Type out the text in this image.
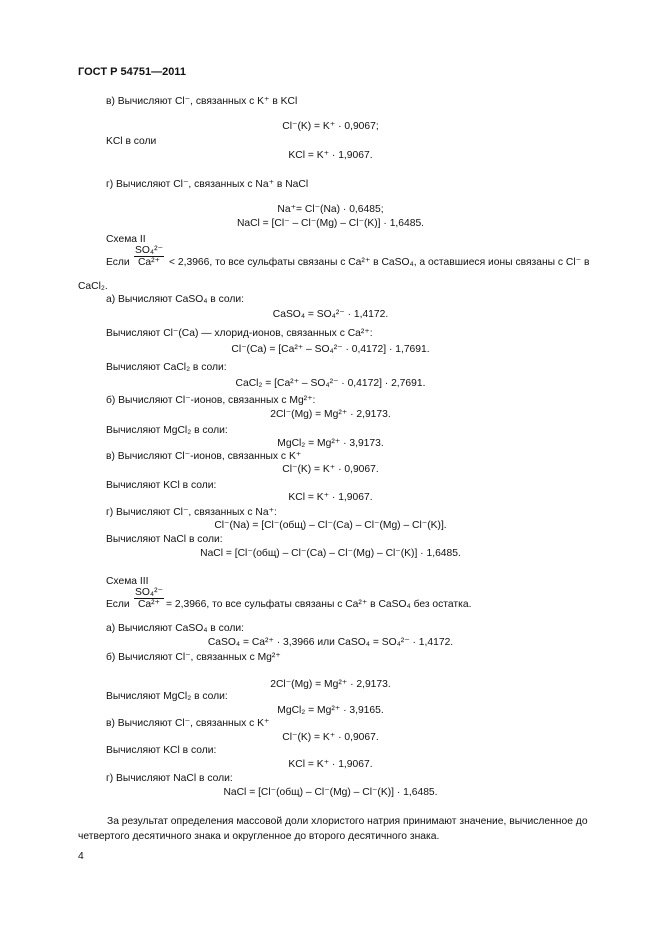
ГОСТ Р 54751—2011
в) Вычисляют Cl⁻, связанных с K⁺ в KCl
Cl⁻(K) = K⁺ · 0,9067;
KCl в соли
KCl = K⁺ · 1,9067.
г) Вычисляют Cl⁻, связанных с Na⁺ в NaCl
Na⁺= Cl⁻(Na) · 0,6485;
NaCl = [Cl⁻ – Cl⁻(Mg) – Cl⁻(K)] · 1,6485.
Схема II
Если $\frac{\text{SO₄²⁻}}{\text{Ca²⁺}} < 2,3966$, то все сульфаты связаны с Ca²⁺ в CaSO₄, а оставшиеся ионы связаны с Cl⁻ в
CaCl₂.
а) Вычисляют CaSO₄ в соли:
CaSO₄ = SO₄²⁻ · 1,4172.
Вычисляют Cl⁻(Ca) — хлорид-ионов, связанных с Ca²⁺:
Cl⁻(Ca) = [Ca²⁺ – SO₄²⁻ · 0,4172] · 1,7691.
Вычисляют CaCl₂ в соли:
CaCl₂ = [Ca²⁺ – SO₄²⁻ · 0,4172] · 2,7691.
б) Вычисляют Cl⁻-ионов, связанных с Mg²⁺:
2Cl⁻(Mg) = Mg²⁺ · 2,9173.
Вычисляют MgCl₂ в соли:
MgCl₂ = Mg²⁺ · 3,9173.
в) Вычисляют Cl⁻-ионов, связанных с K⁺
Cl⁻(K) = K⁺ · 0,9067.
Вычисляют KCl в соли:
KCl = K⁺ · 1,9067.
г) Вычисляют Cl⁻, связанных с Na⁺:
Cl⁻(Na) = [Cl⁻(общ) – Cl⁻(Ca) – Cl⁻(Mg) – Cl⁻(K)].
Вычисляют NaCl в соли:
NaCl = [Cl⁻(общ) – Cl⁻(Ca) – Cl⁻(Mg) – Cl⁻(K)] · 1,6485.
Схема III
Если $\frac{\text{SO₄²⁻}}{\text{Ca²⁺}} = 2,3966$, то все сульфаты связаны с Ca²⁺ в CaSO₄ без остатка.
а) Вычисляют CaSO₄ в соли:
CaSO₄ = Ca²⁺ · 3,3966 или CaSO₄ = SO₄²⁻ · 1,4172.
б) Вычисляют Cl⁻, связанных с Mg²⁺
2Cl⁻(Mg) = Mg²⁺ · 2,9173.
Вычисляют MgCl₂ в соли:
MgCl₂ = Mg²⁺ · 3,9165.
в) Вычисляют Cl⁻, связанных с K⁺
Cl⁻(K) = K⁺ · 0,9067.
Вычисляют KCl в соли:
KCl = K⁺ · 1,9067.
г) Вычисляют NaCl в соли:
NaCl = [Cl⁻(общ) – Cl⁻(Mg) – Cl⁻(K)] · 1,6485.
За результат определения массовой доли хлористого натрия принимают значение, вычисленное до четвертого десятичного знака и округленное до второго десятичного знака.
4
